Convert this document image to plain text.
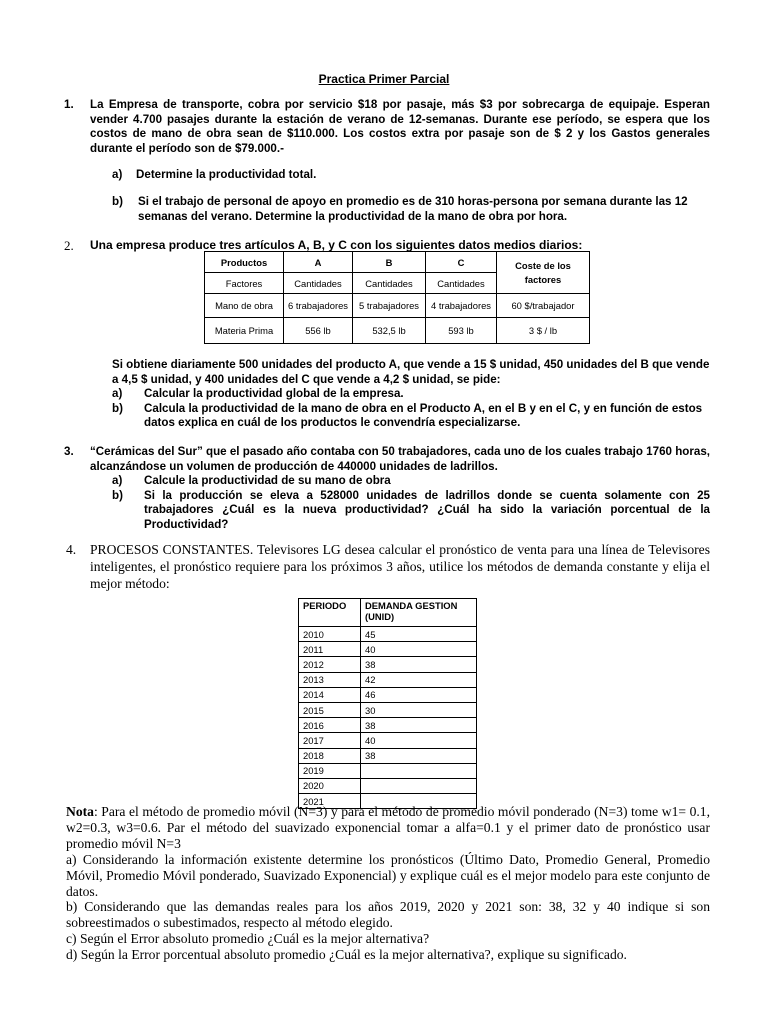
Practica Primer Parcial
1. La Empresa de transporte, cobra por servicio $18 por pasaje, más $3 por sobrecarga de equipaje. Esperan vender 4.700 pasajes durante la estación de verano de 12-semanas. Durante ese período, se espera que los costos de mano de obra sean de $110.000. Los costos extra por pasaje son de $ 2 y los Gastos generales durante el período son de $79.000.-
a) Determine la productividad total.
b) Si el trabajo de personal de apoyo en promedio es de 310 horas-persona por semana durante las 12 semanas del verano. Determine la productividad de la mano de obra por hora.
2. Una empresa produce tres artículos A, B, y C con los siguientes datos medios diarios:
Productos	A	B	C	Coste de los factores
Factores	Cantidades	Cantidades	Cantidades	
Mano de obra	6 trabajadores	5 trabajadores	4 trabajadores	60 $/trabajador
Materia Prima	556 lb	532,5 lb	593 lb	3 $ / lb
Si obtiene diariamente 500 unidades del producto A, que vende a 15 $ unidad, 450 unidades del B que vende a 4,5 $ unidad, y 400 unidades del C que vende a 4,2 $ unidad, se pide:
a) Calcular la productividad global de la empresa.
b) Calcula la productividad de la mano de obra en el Producto A, en el B y en el C, y en función de estos datos explica en cuál de los productos le convendría especializarse.
3. “Cerámicas del Sur” que el pasado año contaba con 50 trabajadores, cada uno de los cuales trabajo 1760 horas, alcanzándose un volumen de producción de 440000 unidades de ladrillos.
a) Calcule la productividad de su mano de obra
b) Si la producción se eleva a 528000 unidades de ladrillos donde se cuenta solamente con 25 trabajadores ¿Cuál es la nueva productividad? ¿Cuál ha sido la variación porcentual de la Productividad?
4. PROCESOS CONSTANTES. Televisores LG desea calcular el pronóstico de venta para una línea de Televisores inteligentes, el pronóstico requiere para los próximos 3 años, utilice los métodos de demanda constante y elija el mejor método:
PERIODO	DEMANDA GESTION (UNID)
2010	45
2011	40
2012	38
2013	42
2014	46
2015	30
2016	38
2017	40
2018	38
2019	
2020	
2021	
Nota: Para el método de promedio móvil (N=3) y para el método de promedio móvil ponderado (N=3) tome w1= 0.1, w2=0.3, w3=0.6. Par el método del suavizado exponencial tomar a alfa=0.1 y el primer dato de pronóstico usar promedio móvil N=3
a) Considerando la información existente determine los pronósticos (Último Dato, Promedio General, Promedio Móvil, Promedio Móvil ponderado, Suavizado Exponencial) y explique cuál es el mejor modelo para este conjunto de datos.
b) Considerando que las demandas reales para los años 2019, 2020 y 2021 son: 38, 32 y 40 indique si son sobreestimados o subestimados, respecto al método elegido.
c) Según el Error absoluto promedio ¿Cuál es la mejor alternativa?
d) Según la Error porcentual absoluto promedio ¿Cuál es la mejor alternativa?, explique su significado.
